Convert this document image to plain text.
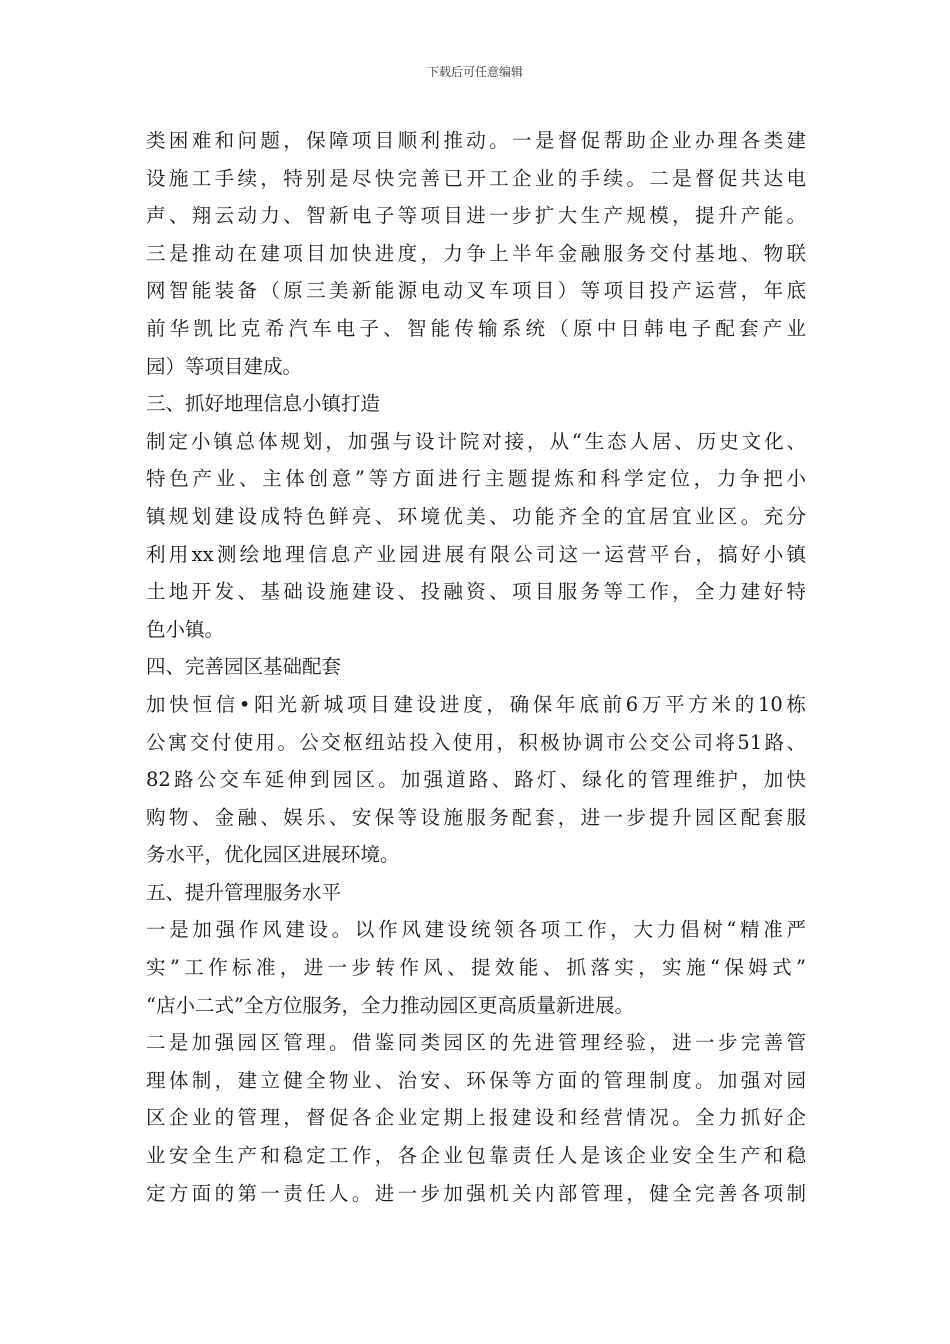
下载后可任意编辑
类困难和问题，保障项目顺利推动。一是督促帮助企业办理各类建
设施工手续，特别是尽快完善已开工企业的手续。二是督促共达电
声、翔云动力、智新电子等项目进一步扩大生产规模，提升产能。
三是推动在建项目加快进度，力争上半年金融服务交付基地、物联
网智能装备（原三美新能源电动叉车项目）等项目投产运营，年底
前华凯比克希汽车电子、智能传输系统（原中日韩电子配套产业
园）等项目建成。
三、抓好地理信息小镇打造
制定小镇总体规划，加强与设计院对接，从“生态人居、历史文化、
特色产业、主体创意”等方面进行主题提炼和科学定位，力争把小
镇规划建设成特色鲜亮、环境优美、功能齐全的宜居宜业区。充分
利用xx测绘地理信息产业园进展有限公司这一运营平台，搞好小镇
土地开发、基础设施建设、投融资、项目服务等工作，全力建好特
色小镇。
四、完善园区基础配套
加快恒信•阳光新城项目建设进度，确保年底前6万平方米的10栋
公寓交付使用。公交枢纽站投入使用，积极协调市公交公司将51路、
82路公交车延伸到园区。加强道路、路灯、绿化的管理维护，加快
购物、金融、娱乐、安保等设施服务配套，进一步提升园区配套服
务水平，优化园区进展环境。
五、提升管理服务水平
一是加强作风建设。以作风建设统领各项工作，大力倡树“精准严
实”工作标准，进一步转作风、提效能、抓落实，实施“保姆式”
“店小二式”全方位服务，全力推动园区更高质量新进展。
二是加强园区管理。借鉴同类园区的先进管理经验，进一步完善管
理体制，建立健全物业、治安、环保等方面的管理制度。加强对园
区企业的管理，督促各企业定期上报建设和经营情况。全力抓好企
业安全生产和稳定工作，各企业包靠责任人是该企业安全生产和稳
定方面的第一责任人。进一步加强机关内部管理，健全完善各项制
